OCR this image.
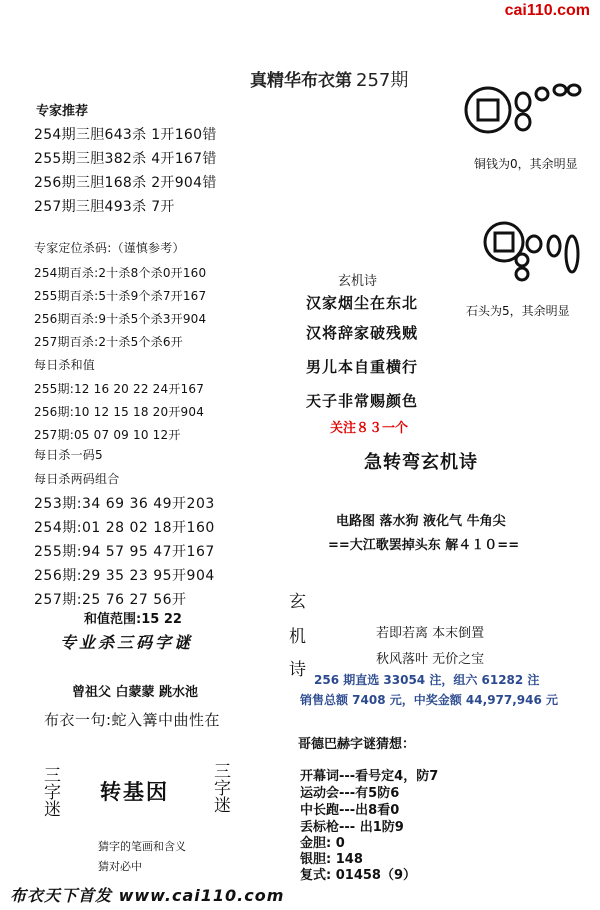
cai110.com
真精华布衣第 257期
专家推荐
254期三胆643杀 1开160错
255期三胆382杀 4开167错
256期三胆168杀 2开904错
257期三胆493杀 7开
专家定位杀码:（谨慎参考）
254期百杀:2十杀8个杀0开160
255期百杀:5十杀9个杀7开167
256期百杀:9十杀5个杀3开904
257期百杀:2十杀5个杀6开
每日杀和值
255期:12 16 20 22 24开167
256期:10 12 15 18 20开904
257期:05 07 09 10 12开
每日杀一码5
每日杀两码组合
253期:34 69 36 49开203
254期:01 28 02 18开160
255期:94 57 95 47开167
256期:29 35 23 95开904
257期:25 76 27 56开
和值范围:15 22
专业杀三码字谜
曾祖父 白蒙蒙 跳水池
布衣一句:蛇入篝中曲性在
三
字
迷
转基因
三
字
迷
猜字的笔画和含义
猜对必中
布衣天下首发 www.cai110.com
铜钱为0，其余明显
石头为5，其余明显
玄机诗
汉家烟尘在东北
汉将辞家破残贼
男儿本自重横行
天子非常赐颜色
关注８３一个
急转弯玄机诗
电路图 落水狗 液化气 牛角尖
==大江歌罢掉头东 解４１０==
玄
机
诗
若即若离 本末倒置
秋风落叶 无价之宝
256 期直选 33054 注，组六 61282 注
销售总额 7408 元，中奖金额 44,977,946 元
哥德巴赫字谜猜想：
开幕词---看号定4，防7
运动会---有5防6
中长跑---出8看0
丢标枪--- 出1防9
金胆: 0
银胆: 148
复式: 01458（9）
